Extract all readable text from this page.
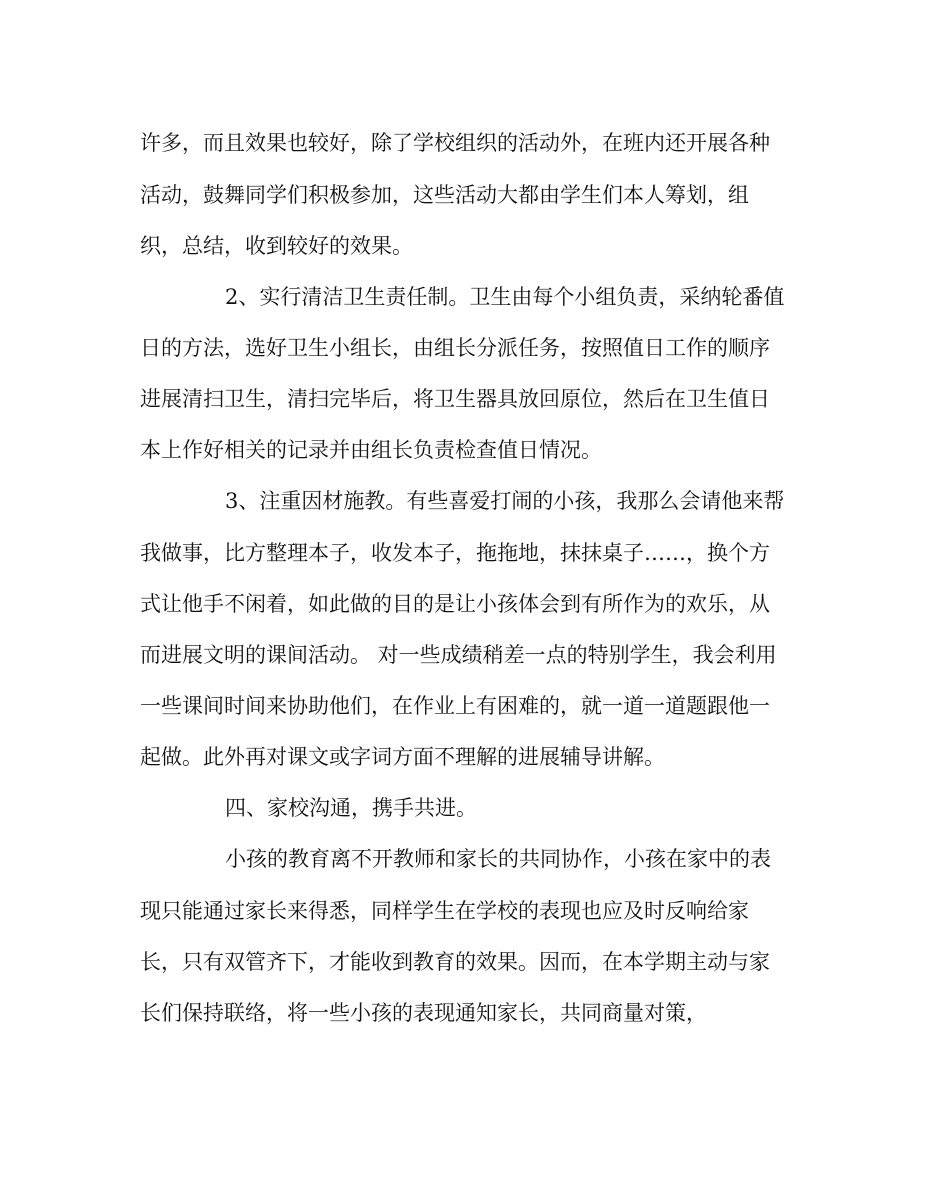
许多，而且效果也较好，除了学校组织的活动外，在班内还开展各种
活动，鼓舞同学们积极参加，这些活动大都由学生们本人筹划，组
织，总结，收到较好的效果。
2、实行清洁卫生责任制。卫生由每个小组负责，采纳轮番值
日的方法，选好卫生小组长，由组长分派任务，按照值日工作的顺序
进展清扫卫生，清扫完毕后，将卫生器具放回原位，然后在卫生值日
本上作好相关的记录并由组长负责检查值日情况。
3、注重因材施教。有些喜爱打闹的小孩，我那么会请他来帮
我做事，比方整理本子，收发本子，拖拖地，抹抹桌子……，换个方
式让他手不闲着，如此做的目的是让小孩体会到有所作为的欢乐，从
而进展文明的课间活动。 对一些成绩稍差一点的特别学生，我会利用
一些课间时间来协助他们，在作业上有困难的，就一道一道题跟他一
起做。此外再对课文或字词方面不理解的进展辅导讲解。
四、家校沟通，携手共进。
小孩的教育离不开教师和家长的共同协作，小孩在家中的表
现只能通过家长来得悉，同样学生在学校的表现也应及时反响给家
长，只有双管齐下，才能收到教育的效果。因而，在本学期主动与家
长们保持联络，将一些小孩的表现通知家长，共同商量对策，
